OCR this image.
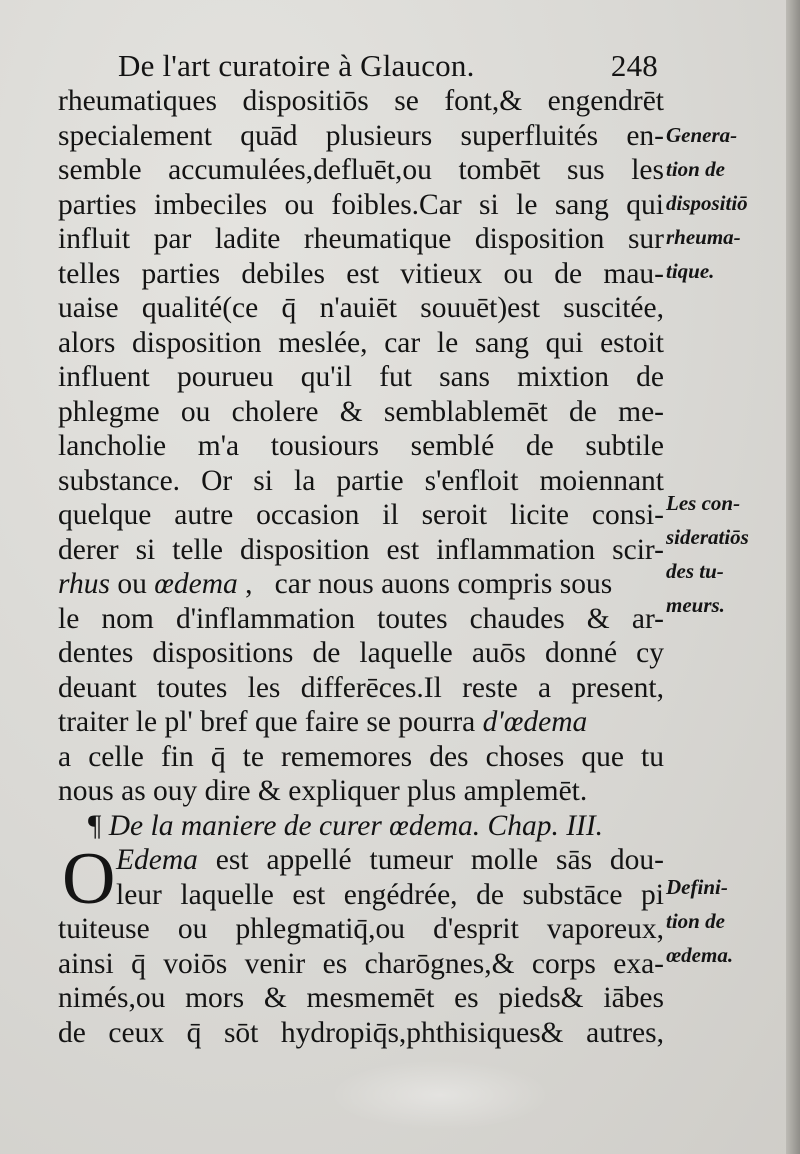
De l'art curatoire à Glaucon.	248
rheumatiques dispositiōs se font,& engendrēt
specialement quād plusieurs superfluités en-
semble accumulées,defluēt,ou tombēt sus les
parties imbeciles ou foibles.Car si le sang qui
influit par ladite rheumatique disposition sur
telles parties debiles est vitieux ou de mau-
uaise qualité(ce q̄ n'auiēt souuēt)est suscitée,
alors disposition meslée, car le sang qui estoit
influent pourueu qu'il fut sans mixtion de
phlegme ou cholere & semblablemēt de me-
lancholie m'a tousiours semblé de subtile
substance. Or si la partie s'enfloit moiennant
quelque autre occasion il seroit licite consi-
derer si telle disposition est inflammation scir-
rhus ou œdema ,   car nous auons compris sous
le nom d'inflammation toutes chaudes & ar-
dentes dispositions de laquelle auōs donné cy
deuant toutes les differēces.Il reste a present,
traiter le pl' bref que faire se pourra d'œdema
a celle fin q̄ te rememores des choses que tu
nous as ouy dire & expliquer plus amplemēt.
¶ De la maniere de curer œdema. Chap. III.
O Edema est appellé tumeur molle sās dou-
leur laquelle est engédrée, de substāce pi
tuiteuse ou phlegmatiq̄,ou d'esprit vaporeux,
ainsi q̄ voiōs venir es charōgnes,& corps exa-
nimés,ou mors & mesmemēt es pieds& iābes
de ceux q̄ sōt hydropiq̄s,phthisiques& autres,
Genera-
tion de
dispositiō
rheuma-
tique.
Les con-
sideratiōs
des tu-
meurs.
Defini-
tion de
œdema.
